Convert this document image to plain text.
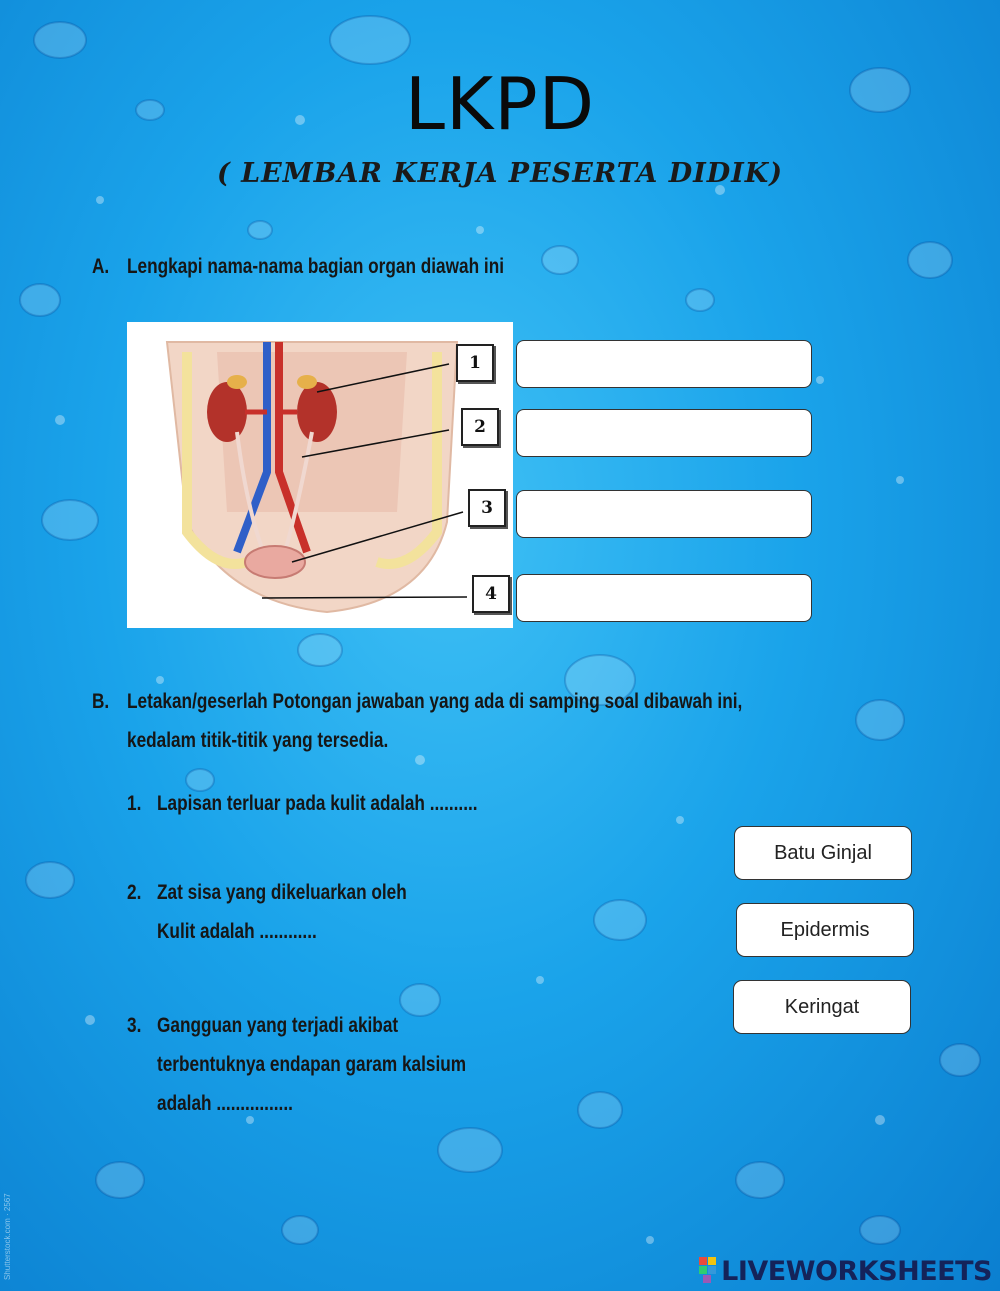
LKPD
( LEMBAR KERJA PESERTA DIDIK)
A. Lengkapi nama-nama bagian organ diawah ini
1
2
3
4
B. Letakan/geserlah Potongan jawaban yang ada di samping soal dibawah ini,
kedalam titik-titik yang tersedia.
1. Lapisan terluar pada kulit adalah ..........
2. Zat sisa yang dikeluarkan oleh
Kulit adalah ............
3. Gangguan yang terjadi akibat
terbentuknya endapan garam kalsium
adalah ................
Batu Ginjal
Epidermis
Keringat
Shutterstock.com · 2567	LIVEWORKSHEETS
